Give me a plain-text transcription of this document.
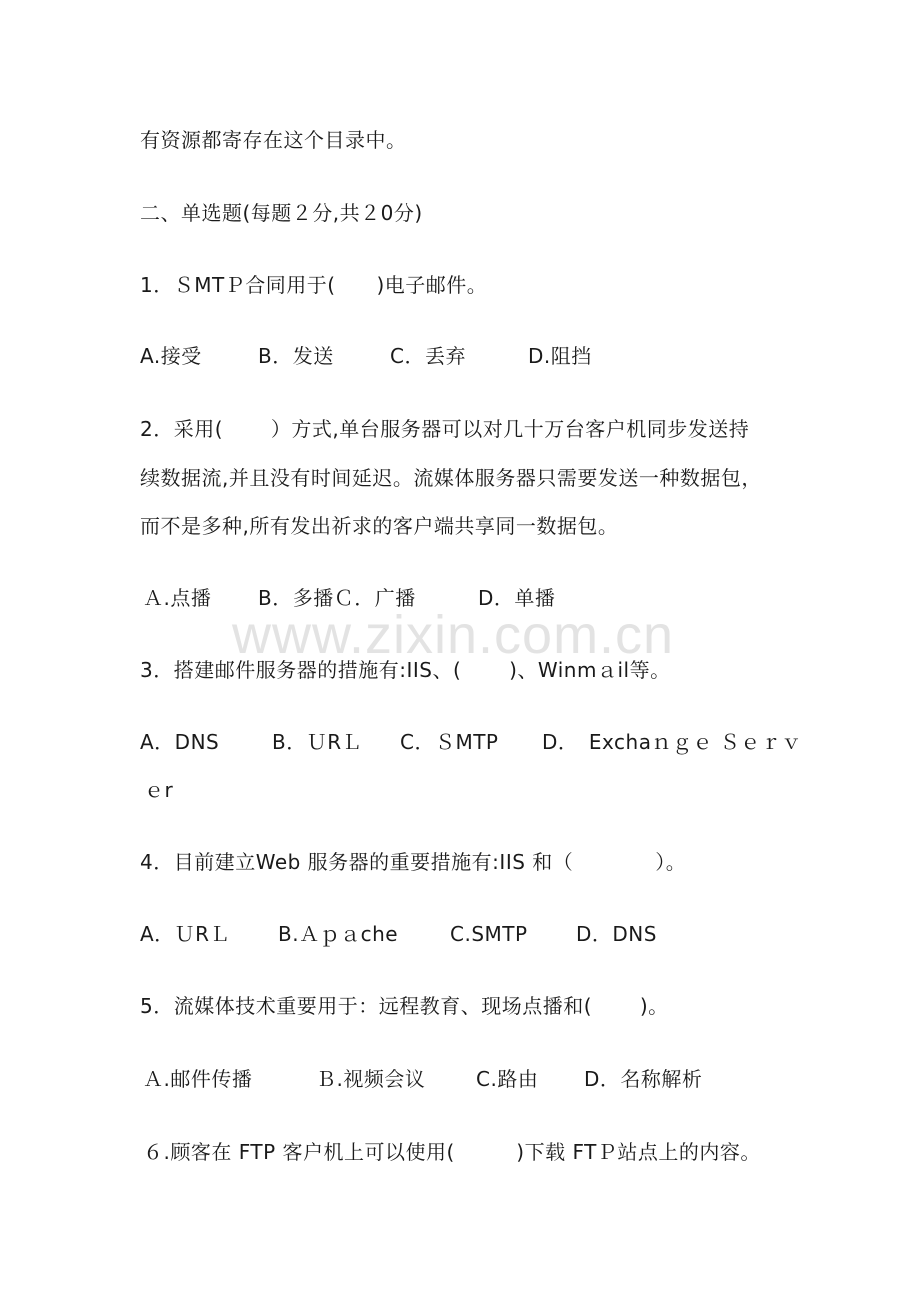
www.zixin.com.cn
有资源都寄存在这个目录中。
二、单选题(每题２分,共２0分)
1．ＳMTＰ合同用于(　　)电子邮件。
A.接受	B．发送	C．丢弃	D.阻挡
2．采用(　　 ）方式,单台服务器可以对几十万台客户机同步发送持
续数据流,并且没有时间延迟。流媒体服务器只需要发送一种数据包，
而不是多种,所有发出祈求的客户端共享同一数据包。
Ａ.点播 B．多播Ｃ．广播	D．单播
3．搭建邮件服务器的措施有:IIS、(　　 )、Winmａil等。
A．DNS	B．ＵRＬ C．ＳMTP D．　Exchaｎｇｅ Ｓｅｒｖ
ｅr
4．目前建立Web 服务器的重要措施有:IIS 和（　　　　）。
A．ＵRＬ B.Ａｐａche	C.SMTP D．DNS
5．流媒体技术重要用于：远程教育、现场点播和(　　 )。
Ａ.邮件传播	Ｂ.视频会议	C.路由 D．名称解析
６.顾客在 FTP 客户机上可以使用(　　　)下载 FTＰ站点上的内容。
